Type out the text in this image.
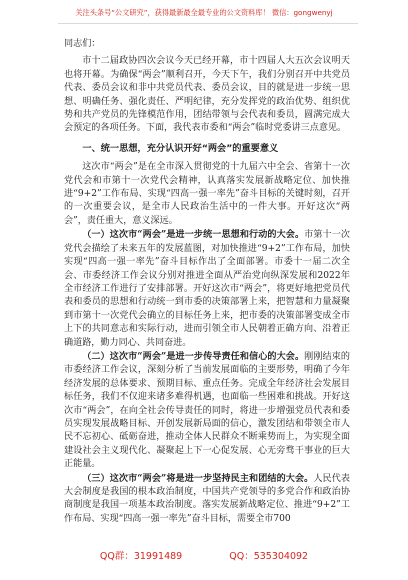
关注头条号“公文研究”，获得最新最全最专业的公文资料库！ 微信：gongwenyj

同志们：

市十二届政协四次会议今天已经开幕，市十四届人大五次会议明天也将开幕。为确保“两会”顺利召开，今天下午，我们分别召开中共党员代表、委员会议和非中共党员代表、委员会议，目的就是进一步统一思想、明确任务、强化责任、严明纪律，充分发挥党的政治优势、组织优势和共产党员的先锋模范作用，团结带领与会代表和委员，圆满完成大会预定的各项任务。下面，我代表市委和“两会”临时党委讲三点意见。

一、统一思想，充分认识开好“两会”的重要意义

这次市“两会”是在全市深入贯彻党的十九届六中全会、省第十一次党代会和市第十一次党代会精神，认真落实发展新战略定位、加快推进“9+2”工作布局、实现“四高一强一率先”奋斗目标的关键时刻，召开的一次重要会议，是全市人民政治生活中的一件大事。开好这次“两会”，责任重大，意义深远。

（一）这次市“两会”是进一步统一思想和行动的大会。市第十一次党代会描绘了未来五年的发展蓝图，对加快推进“9+2”工作布局，加快实现“四高一强一率先”奋斗目标作出了全面部署。市委十一届二次全会、市委经济工作会议分别对推进全面从严治党向纵深发展和2022年全市经济工作进行了安排部署。开好这次市“两会”，将更好地把党员代表和委员的思想和行动统一到市委的决策部署上来，把智慧和力量凝聚到市第十一次党代会确立的目标任务上来，把市委的决策部署变成全市上下的共同意志和实际行动，进而引领全市人民朝着正确方向、沿着正确道路，勤力同心、共同奋进。

（二）这次市“两会”是进一步传导责任和信心的大会。刚刚结束的市委经济工作会议，深刻分析了当前发展面临的主要形势，明确了今年经济发展的总体要求、预期目标、重点任务。完成全年经济社会发展目标任务，我们不仅迎来诸多难得机遇，也面临一些困难和挑战。开好这次市“两会”，在向全社会传导责任的同时，将进一步增强党员代表和委员实现发展战略目标、开创发展新局面的信心，激发团结和带领全市人民不忘初心、砥砺奋进，推动全体人民群众不断乘势而上，为实现全面建设社会主义现代化、凝聚起上下一心促发展、心无旁骛干事业的巨大正能量。

（三）这次市“两会”将是进一步坚持民主和团结的大会。人民代表大会制度是我国的根本政治制度，中国共产党领导的多党合作和政治协商制度是我国一项基本政治制度。落实发展新战略定位、推进“9+2”工作布局、实现“四高一强一率先”奋斗目标，需要全市700

QQ群：31991489	QQ：535304092
